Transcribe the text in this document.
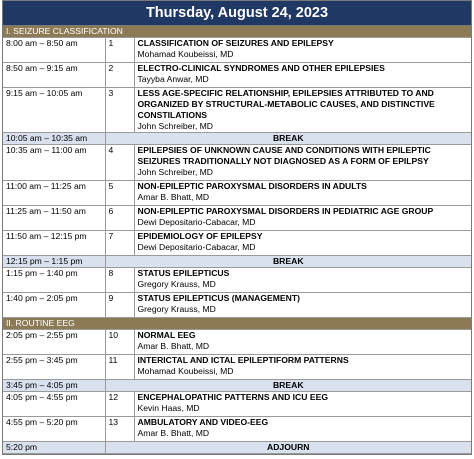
Thursday, August 24, 2023
I. SEIZURE CLASSIFICATION		
8:00 am – 8:50 am	1	CLASSIFICATION OF SEIZURES AND EPILEPSY
Mohamad Koubeissi, MD

8:50 am – 9:15 am	2	ELECTRO-CLINICAL SYNDROMES AND OTHER EPILEPSIES
Tayyba Anwar, MD

9:15 am – 10:05 am	3	LESS AGE-SPECIFIC RELATIONSHIP, EPILEPSIES ATTRIBUTED TO AND ORGANIZED BY STRUCTURAL-METABOLIC CAUSES, AND DISTINCTIVE CONSTILATIONS
John Schreiber, MD

10:05 am – 10:35 am	BREAK	
10:35 am – 11:00 am	4	EPILEPSIES OF UNKNOWN CAUSE AND CONDITIONS WITH EPILEPTIC SEIZURES TRADITIONALLY NOT DIAGNOSED AS A FORM OF EPILPSY
John Schreiber, MD

11:00 am – 11:25 am	5	NON-EPILEPTIC PAROXYSMAL DISORDERS IN ADULTS
Amar B. Bhatt, MD

11:25 am – 11:50 am	6	NON-EPILEPTIC PAROXYSMAL DISORDERS IN PEDIATRIC AGE GROUP
Dewi Depositario-Cabacar, MD

11:50 am – 12:15 pm	7	EPIDEMIOLOGY OF EPILEPSY
Dewi Depositario-Cabacar, MD

12:15 pm – 1:15 pm	BREAK	
1:15 pm – 1:40 pm	8	STATUS EPILEPTICUS
Gregory Krauss, MD

1:40 pm – 2:05 pm	9	STATUS EPILEPTICUS (MANAGEMENT)
Gregory Krauss, MD

II. ROUTINE EEG		
2:05 pm – 2:55 pm	10	NORMAL EEG
Amar B. Bhatt, MD

2:55 pm – 3:45 pm	11	INTERICTAL AND ICTAL EPILEPTIFORM PATTERNS
Mohamad Koubeissi, MD

3:45 pm – 4:05 pm	BREAK	
4:05 pm – 4:55 pm	12	ENCEPHALOPATHIC PATTERNS AND ICU EEG
Kevin Haas, MD

4:55 pm – 5:20 pm	13	AMBULATORY AND VIDEO-EEG
Amar B. Bhatt, MD

5:20 pm	ADJOURN	
